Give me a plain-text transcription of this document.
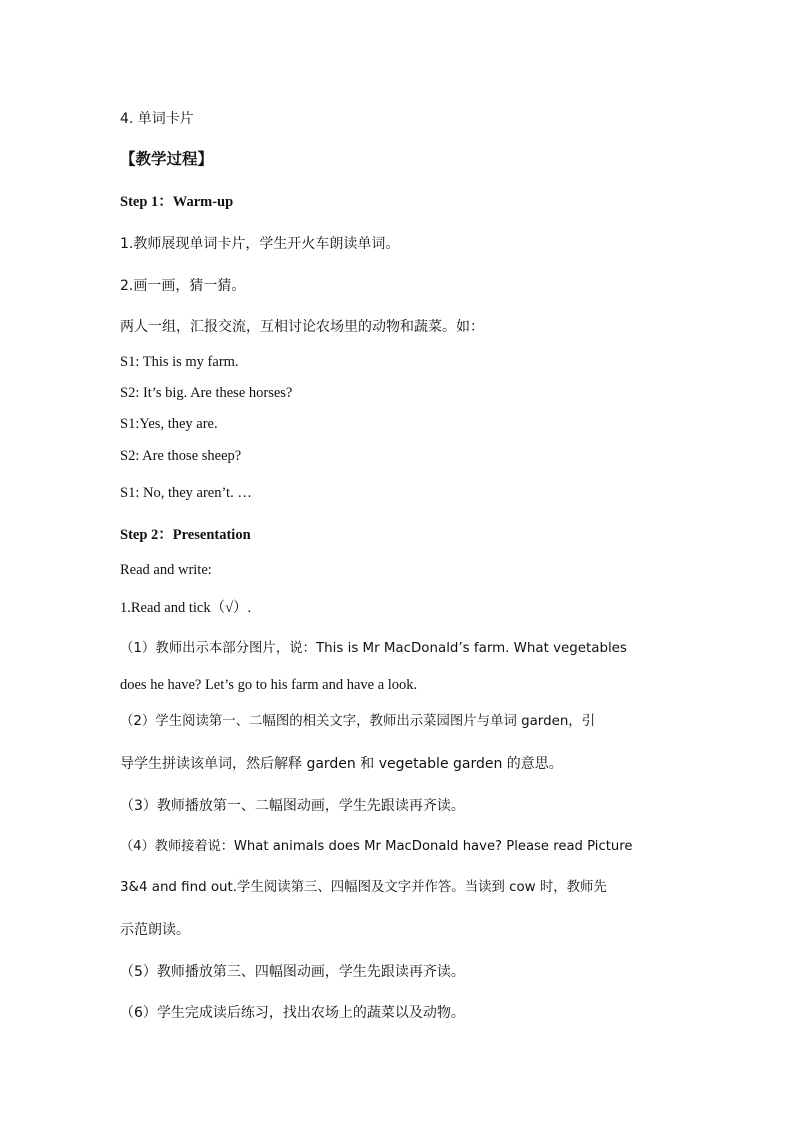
4. 单词卡片
【教学过程】
Step 1：Warm-up
1.教师展现单词卡片，学生开火车朗读单词。
2.画一画，猜一猜。
两人一组，汇报交流，互相讨论农场里的动物和蔬菜。如：
S1: This is my farm.
S2: It’s big. Are these horses?
S1:Yes, they are.
S2: Are those sheep?
S1: No, they aren’t. …
Step 2：Presentation
Read and write:
1.Read and tick（√）.
（1）教师出示本部分图片，说：This is Mr MacDonald’s farm. What vegetables
does he have? Let’s go to his farm and have a look.
（2）学生阅读第一、二幅图的相关文字，教师出示菜园图片与单词 garden，引
导学生拼读该单词，然后解释 garden 和 vegetable garden 的意思。
（3）教师播放第一、二幅图动画，学生先跟读再齐读。
（4）教师接着说：What animals does Mr MacDonald have? Please read Picture
3&4 and find out.学生阅读第三、四幅图及文字并作答。当读到 cow 时，教师先
示范朗读。
（5）教师播放第三、四幅图动画，学生先跟读再齐读。
（6）学生完成读后练习，找出农场上的蔬菜以及动物。
